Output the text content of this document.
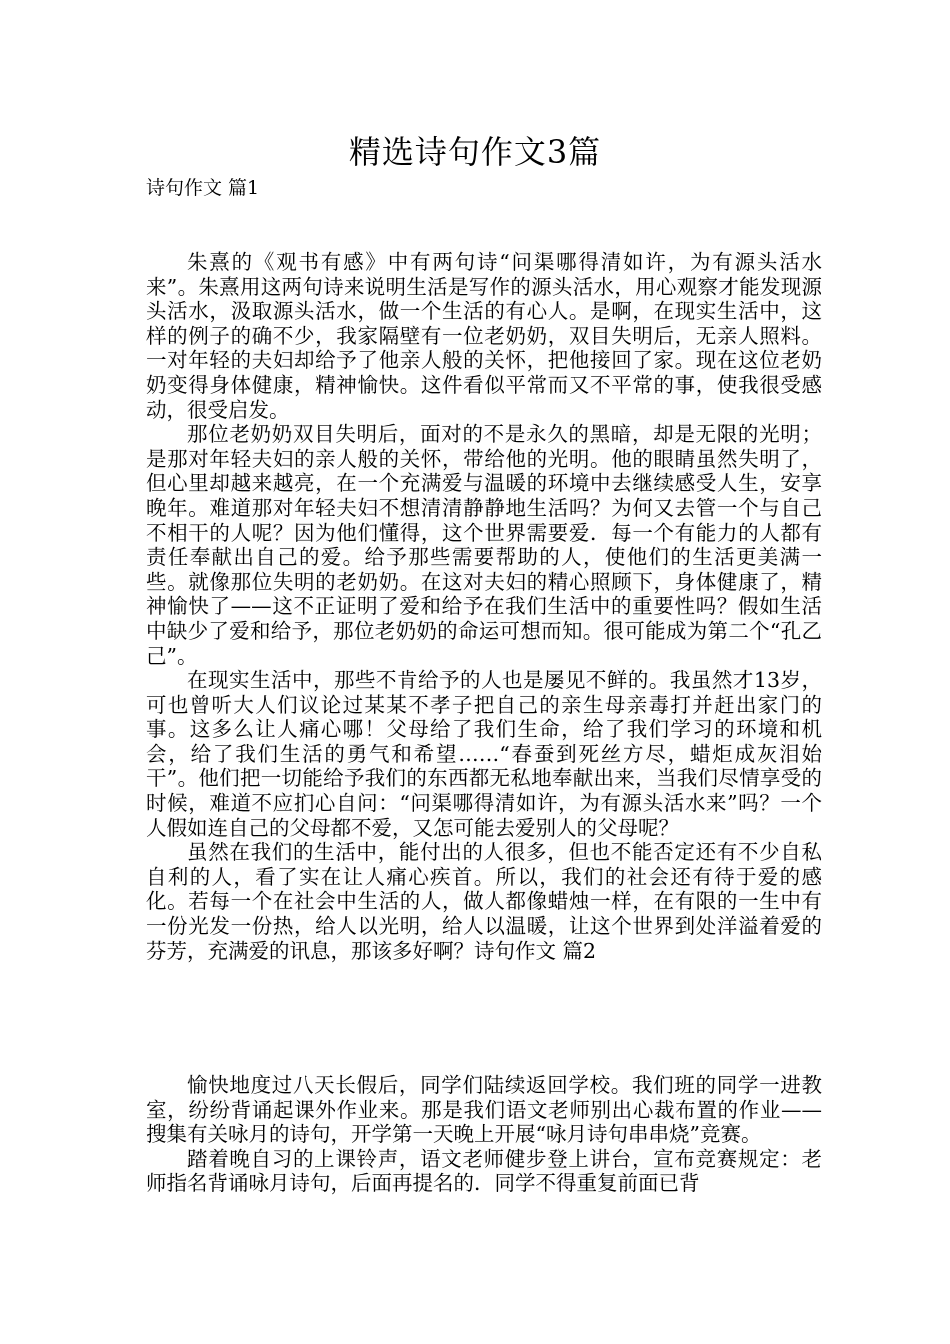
精选诗句作文3篇
诗句作文 篇1

朱熹的《观书有感》中有两句诗“问渠哪得清如许，为有源头活水来”。朱熹用这两句诗来说明生活是写作的源头活水，用心观察才能发现源头活水，汲取源头活水，做一个生活的有心人。是啊，在现实生活中，这样的例子的确不少，我家隔壁有一位老奶奶，双目失明后，无亲人照料。一对年轻的夫妇却给予了他亲人般的关怀，把他接回了家。现在这位老奶奶变得身体健康，精神愉快。这件看似平常而又不平常的事，使我很受感动，很受启发。

那位老奶奶双目失明后，面对的不是永久的黑暗，却是无限的光明；是那对年轻夫妇的亲人般的关怀，带给他的光明。他的眼睛虽然失明了，但心里却越来越亮，在一个充满爱与温暖的环境中去继续感受人生，安享晚年。难道那对年轻夫妇不想清清静静地生活吗？为何又去管一个与自己不相干的人呢？因为他们懂得，这个世界需要爱．每一个有能力的人都有责任奉献出自己的爱。给予那些需要帮助的人，使他们的生活更美满一些。就像那位失明的老奶奶。在这对夫妇的精心照顾下，身体健康了，精神愉快了——这不正证明了爱和给予在我们生活中的重要性吗？假如生活中缺少了爱和给予，那位老奶奶的命运可想而知。很可能成为第二个“孔乙己”。

在现实生活中，那些不肯给予的人也是屡见不鲜的。我虽然才13岁，可也曾听大人们议论过某某不孝子把自己的亲生母亲毒打并赶出家门的事。这多么让人痛心哪！父母给了我们生命，给了我们学习的环境和机会，给了我们生活的勇气和希望……“春蚕到死丝方尽，蜡炬成灰泪始干”。他们把一切能给予我们的东西都无私地奉献出来，当我们尽情享受的时候，难道不应扪心自问：“问渠哪得清如许，为有源头活水来”吗？一个人假如连自己的父母都不爱，又怎可能去爱别人的父母呢？

虽然在我们的生活中，能付出的人很多，但也不能否定还有不少自私自利的人，看了实在让人痛心疾首。所以，我们的社会还有待于爱的感化。若每一个在社会中生活的人，做人都像蜡烛一样，在有限的一生中有一份光发一份热，给人以光明，给人以温暖，让这个世界到处洋溢着爱的芬芳，充满爱的讯息，那该多好啊？诗句作文 篇2

愉快地度过八天长假后，同学们陆续返回学校。我们班的同学一进教室，纷纷背诵起课外作业来。那是我们语文老师别出心裁布置的作业——搜集有关咏月的诗句，开学第一天晚上开展“咏月诗句串串烧”竞赛。

踏着晚自习的上课铃声，语文老师健步登上讲台，宣布竞赛规定：老师指名背诵咏月诗句，后面再提名的．同学不得重复前面已背
